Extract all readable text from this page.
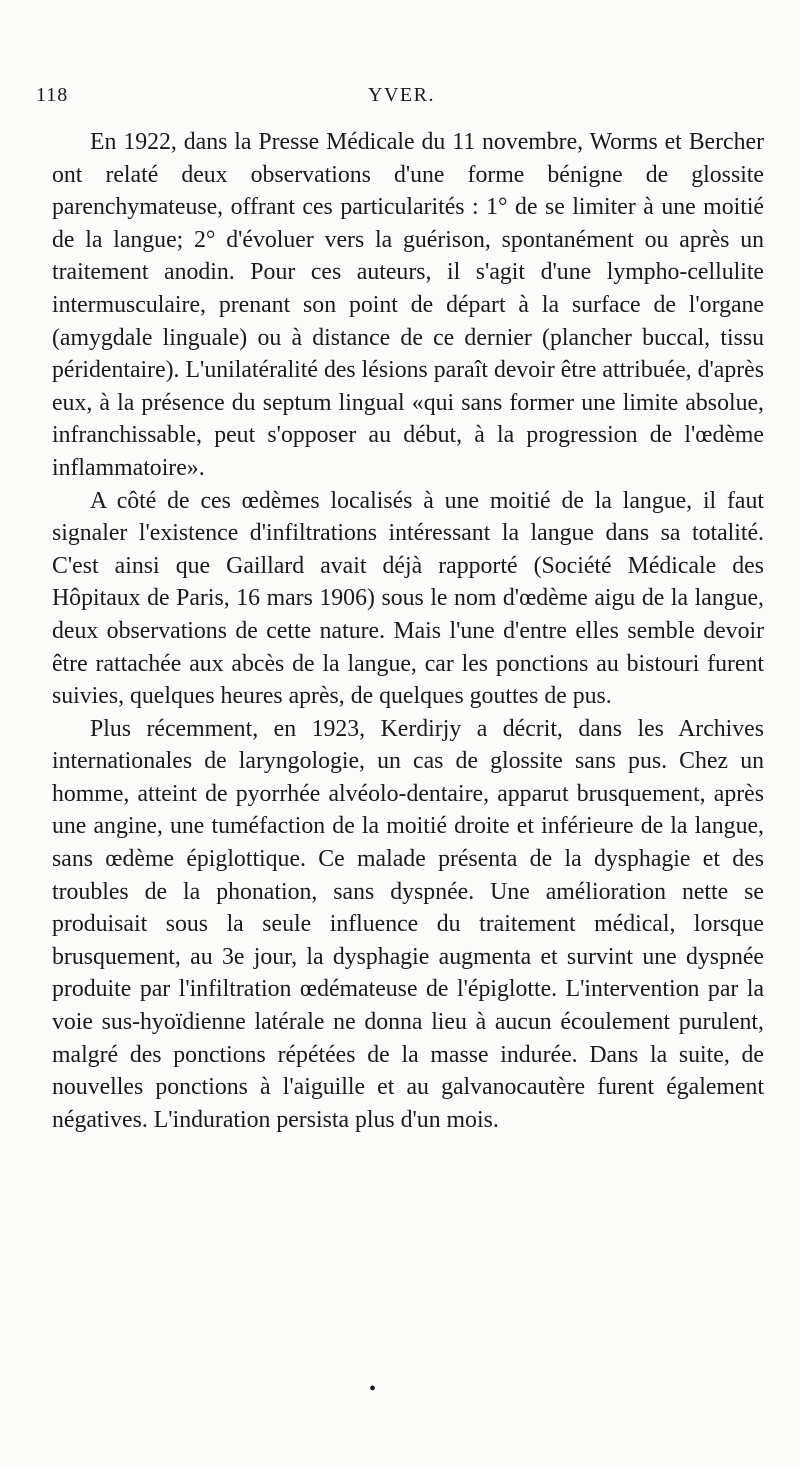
118	YVER.

En 1922, dans la Presse Médicale du 11 novembre, Worms et Bercher ont relaté deux observations d'une forme bénigne de glossite parenchymateuse, offrant ces particularités : 1° de se limiter à une moitié de la langue; 2° d'évoluer vers la guérison, spontanément ou après un traitement anodin. Pour ces auteurs, il s'agit d'une lympho-cellulite intermusculaire, prenant son point de départ à la surface de l'organe (amygdale linguale) ou à distance de ce dernier (plancher buccal, tissu péridentaire). L'unilatéralité des lésions paraît devoir être attribuée, d'après eux, à la présence du septum lingual «qui sans former une limite absolue, infranchissable, peut s'opposer au début, à la progression de l'œdème inflammatoire».

A côté de ces œdèmes localisés à une moitié de la langue, il faut signaler l'existence d'infiltrations intéressant la langue dans sa totalité. C'est ainsi que Gaillard avait déjà rapporté (Société Médicale des Hôpitaux de Paris, 16 mars 1906) sous le nom d'œdème aigu de la langue, deux observations de cette nature. Mais l'une d'entre elles semble devoir être rattachée aux abcès de la langue, car les ponctions au bistouri furent suivies, quelques heures après, de quelques gouttes de pus.

Plus récemment, en 1923, Kerdirjy a décrit, dans les Archives internationales de laryngologie, un cas de glossite sans pus. Chez un homme, atteint de pyorrhée alvéolo-dentaire, apparut brusquement, après une angine, une tuméfaction de la moitié droite et inférieure de la langue, sans œdème épiglottique. Ce malade présenta de la dysphagie et des troubles de la phonation, sans dyspnée. Une amélioration nette se produisait sous la seule influence du traitement médical, lorsque brusquement, au 3e jour, la dysphagie augmenta et survint une dyspnée produite par l'infiltration œdémateuse de l'épiglotte. L'intervention par la voie sus-hyoïdienne latérale ne donna lieu à aucun écoulement purulent, malgré des ponctions répétées de la masse indurée. Dans la suite, de nouvelles ponctions à l'aiguille et au galvanocautère furent également négatives. L'induration persista plus d'un mois.

•
